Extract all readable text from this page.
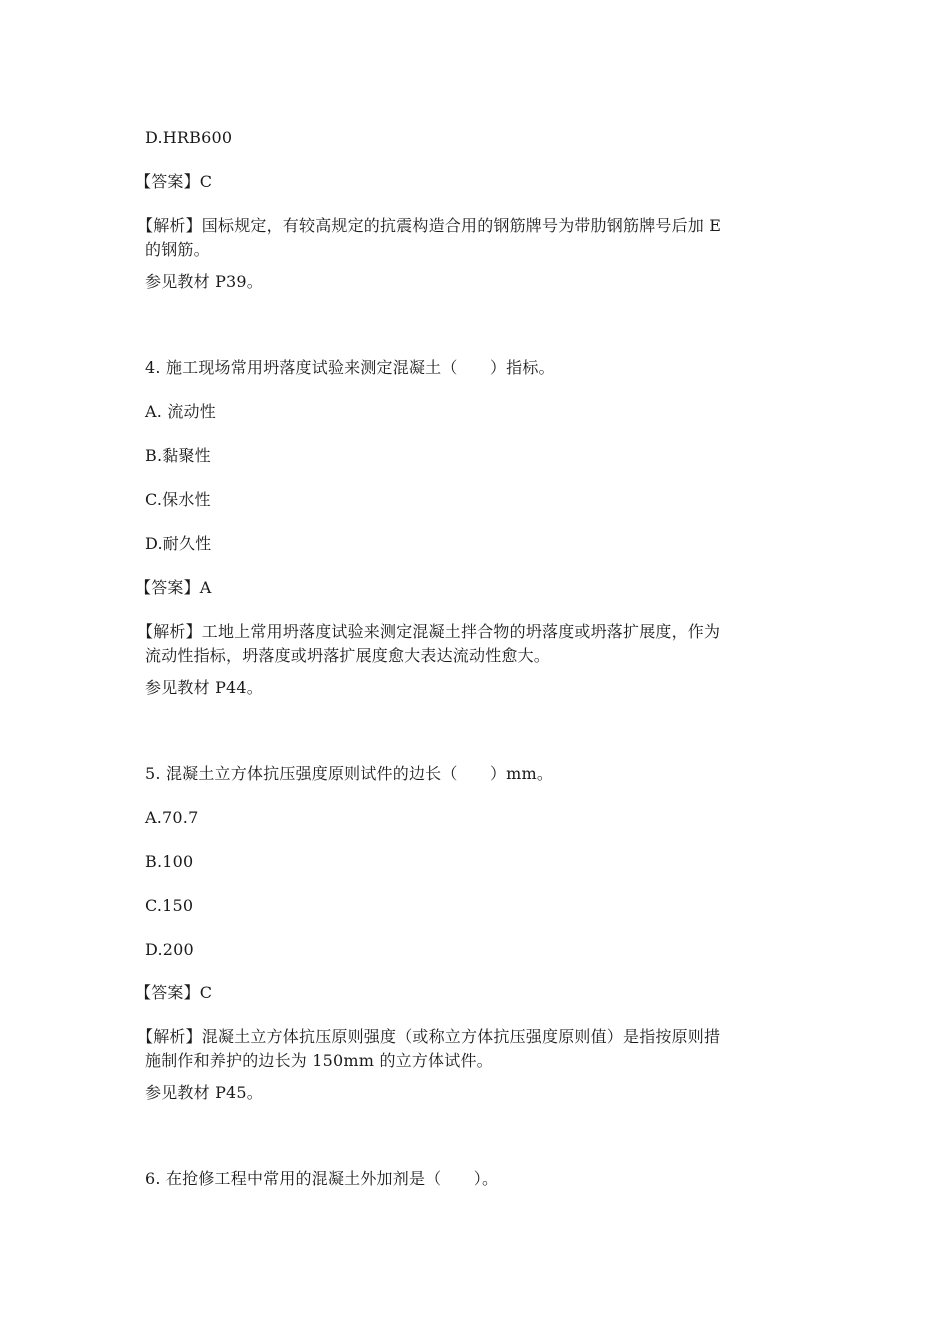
D.HRB600
【答案】C
【解析】国标规定，有较高规定的抗震构造合用的钢筋牌号为带肋钢筋牌号后加 E
的钢筋。
参见教材 P39。
4. 施工现场常用坍落度试验来测定混凝土（　　）指标。
A. 流动性
B.黏聚性
C.保水性
D.耐久性
【答案】A
【解析】工地上常用坍落度试验来测定混凝土拌合物的坍落度或坍落扩展度，作为
流动性指标，坍落度或坍落扩展度愈大表达流动性愈大。
参见教材 P44。
5. 混凝土立方体抗压强度原则试件的边长（　　）mm。
A.70.7
B.100
C.150
D.200
【答案】C
【解析】混凝土立方体抗压原则强度（或称立方体抗压强度原则值）是指按原则措
施制作和养护的边长为 150mm 的立方体试件。
参见教材 P45。
6. 在抢修工程中常用的混凝土外加剂是（　　）。
